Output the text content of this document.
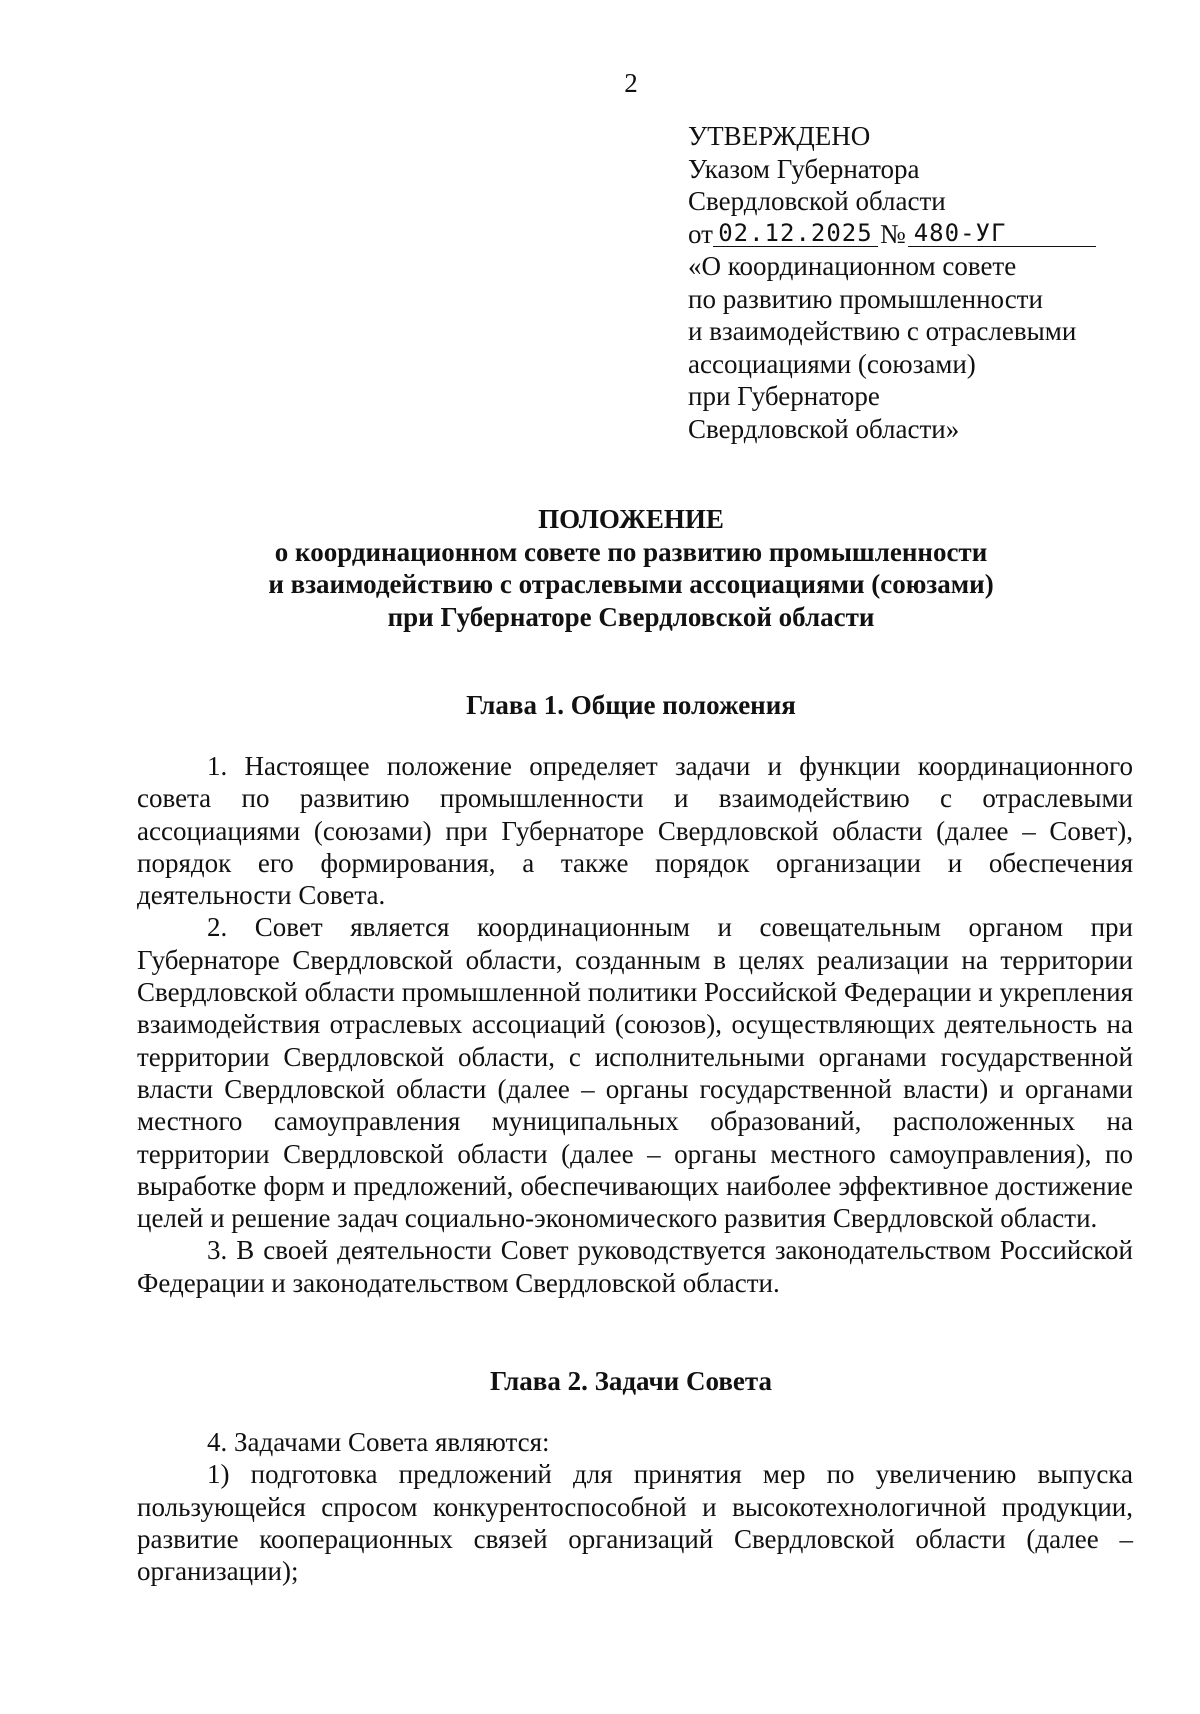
2
УТВЕРЖДЕНО
Указом Губернатора
Свердловской области
от 02.12.2025 № 480-УГ
«О координационном совете
по развитию промышленности
и взаимодействию с отраслевыми
ассоциациями (союзами)
при Губернаторе
Свердловской области»
ПОЛОЖЕНИЕ
о координационном совете по развитию промышленности
и взаимодействию с отраслевыми ассоциациями (союзами)
при Губернаторе Свердловской области
Глава 1. Общие положения

1. Настоящее положение определяет задачи и функции координационного совета по развитию промышленности и взаимодействию с отраслевыми ассоциациями (союзами) при Губернаторе Свердловской области (далее – Совет), порядок его формирования, а также порядок организации и обеспечения деятельности Совета.

2. Совет является координационным и совещательным органом при Губернаторе Свердловской области, созданным в целях реализации на территории Свердловской области промышленной политики Российской Федерации и укрепления взаимодействия отраслевых ассоциаций (союзов), осуществляющих деятельность на территории Свердловской области, с исполнительными органами государственной власти Свердловской области (далее – органы государственной власти) и органами местного самоуправления муниципальных образований, расположенных на территории Свердловской области (далее – органы местного самоуправления), по выработке форм и предложений, обеспечивающих наиболее эффективное достижение целей и решение задач социально-экономического развития Свердловской области.

3. В своей деятельности Совет руководствуется законодательством Российской Федерации и законодательством Свердловской области.

Глава 2. Задачи Совета

4. Задачами Совета являются:

1) подготовка предложений для принятия мер по увеличению выпуска пользующейся спросом конкурентоспособной и высокотехнологичной продукции, развитие кооперационных связей организаций Свердловской области (далее – организации);
